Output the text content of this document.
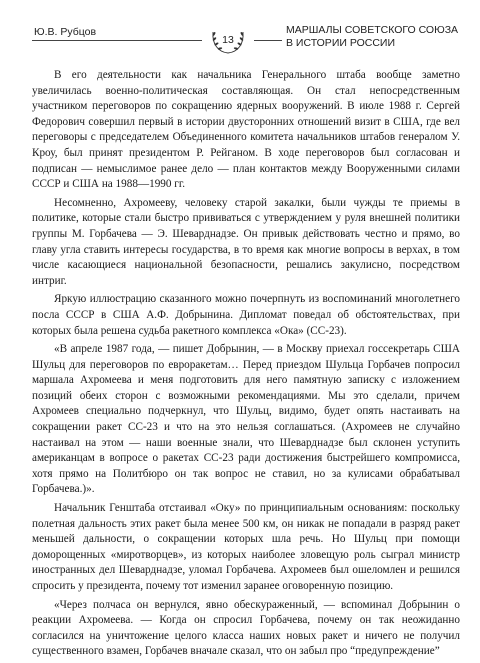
Ю.В. Рубцов
13
МАРШАЛЫ СОВЕТСКОГО СОЮЗА
В ИСТОРИИ РОССИИ

В его деятельности как начальника Генерального штаба вообще заметно увеличилась военно-политическая составляющая. Он стал непосредственным участником переговоров по сокращению ядерных вооружений. В июле 1988 г. Сергей Федорович совершил первый в истории двусторонних отношений визит в США, где вел переговоры с председателем Объединенного комитета начальников штабов генералом У. Кроу, был принят президентом Р. Рейганом. В ходе переговоров был согласован и подписан — немыслимое ранее дело — план контактов между Вооруженными силами СССР и США на 1988—1990 гг.

Несомненно, Ахромееву, человеку старой закалки, были чужды те приемы в политике, которые стали быстро прививаться с утверждением у руля внешней политики группы М. Горбачева — Э. Шеварднадзе. Он привык действовать честно и прямо, во главу угла ставить интересы государства, в то время как многие вопросы в верхах, в том числе касающиеся национальной безопасности, решались закулисно, посредством интриг.

Яркую иллюстрацию сказанного можно почерпнуть из воспоминаний многолетнего посла СССР в США А.Ф. Добрынина. Дипломат поведал об обстоятельствах, при которых была решена судьба ракетного комплекса «Ока» (СС-23).

«В апреле 1987 года, — пишет Добрынин, — в Москву приехал госсекретарь США Шульц для переговоров по евроракетам… Перед приездом Шульца Горбачев попросил маршала Ахромеева и меня подготовить для него памятную записку с изложением позиций обеих сторон с возможными рекомендациями. Мы это сделали, причем Ахромеев специально подчеркнул, что Шульц, видимо, будет опять настаивать на сокращении ракет СС-23 и что на это нельзя соглашаться. (Ахромеев не случайно настаивал на этом — наши военные знали, что Шеварднадзе был склонен уступить американцам в вопросе о ракетах СС-23 ради достижения быстрейшего компромисса, хотя прямо на Политбюро он так вопрос не ставил, но за кулисами обрабатывал Горбачева.)».

Начальник Генштаба отстаивал «Оку» по принципиальным основаниям: поскольку полетная дальность этих ракет была менее 500 км, он никак не попадали в разряд ракет меньшей дальности, о сокращении которых шла речь. Но Шульц при помощи доморощенных «миротворцев», из которых наиболее зловещую роль сыграл министр иностранных дел Шеварднадзе, уломал Горбачева. Ахромеев был ошеломлен и решился спросить у президента, почему тот изменил заранее оговоренную позицию.

«Через полчаса он вернулся, явно обескураженный, — вспоминал Добрынин о реакции Ахромеева. — Когда он спросил Горбачева, почему он так неожиданно согласился на уничтожение целого класса наших новых ракет и ничего не получил существенного взамен, Горбачев вначале сказал, что он забыл про “предупреждение”
